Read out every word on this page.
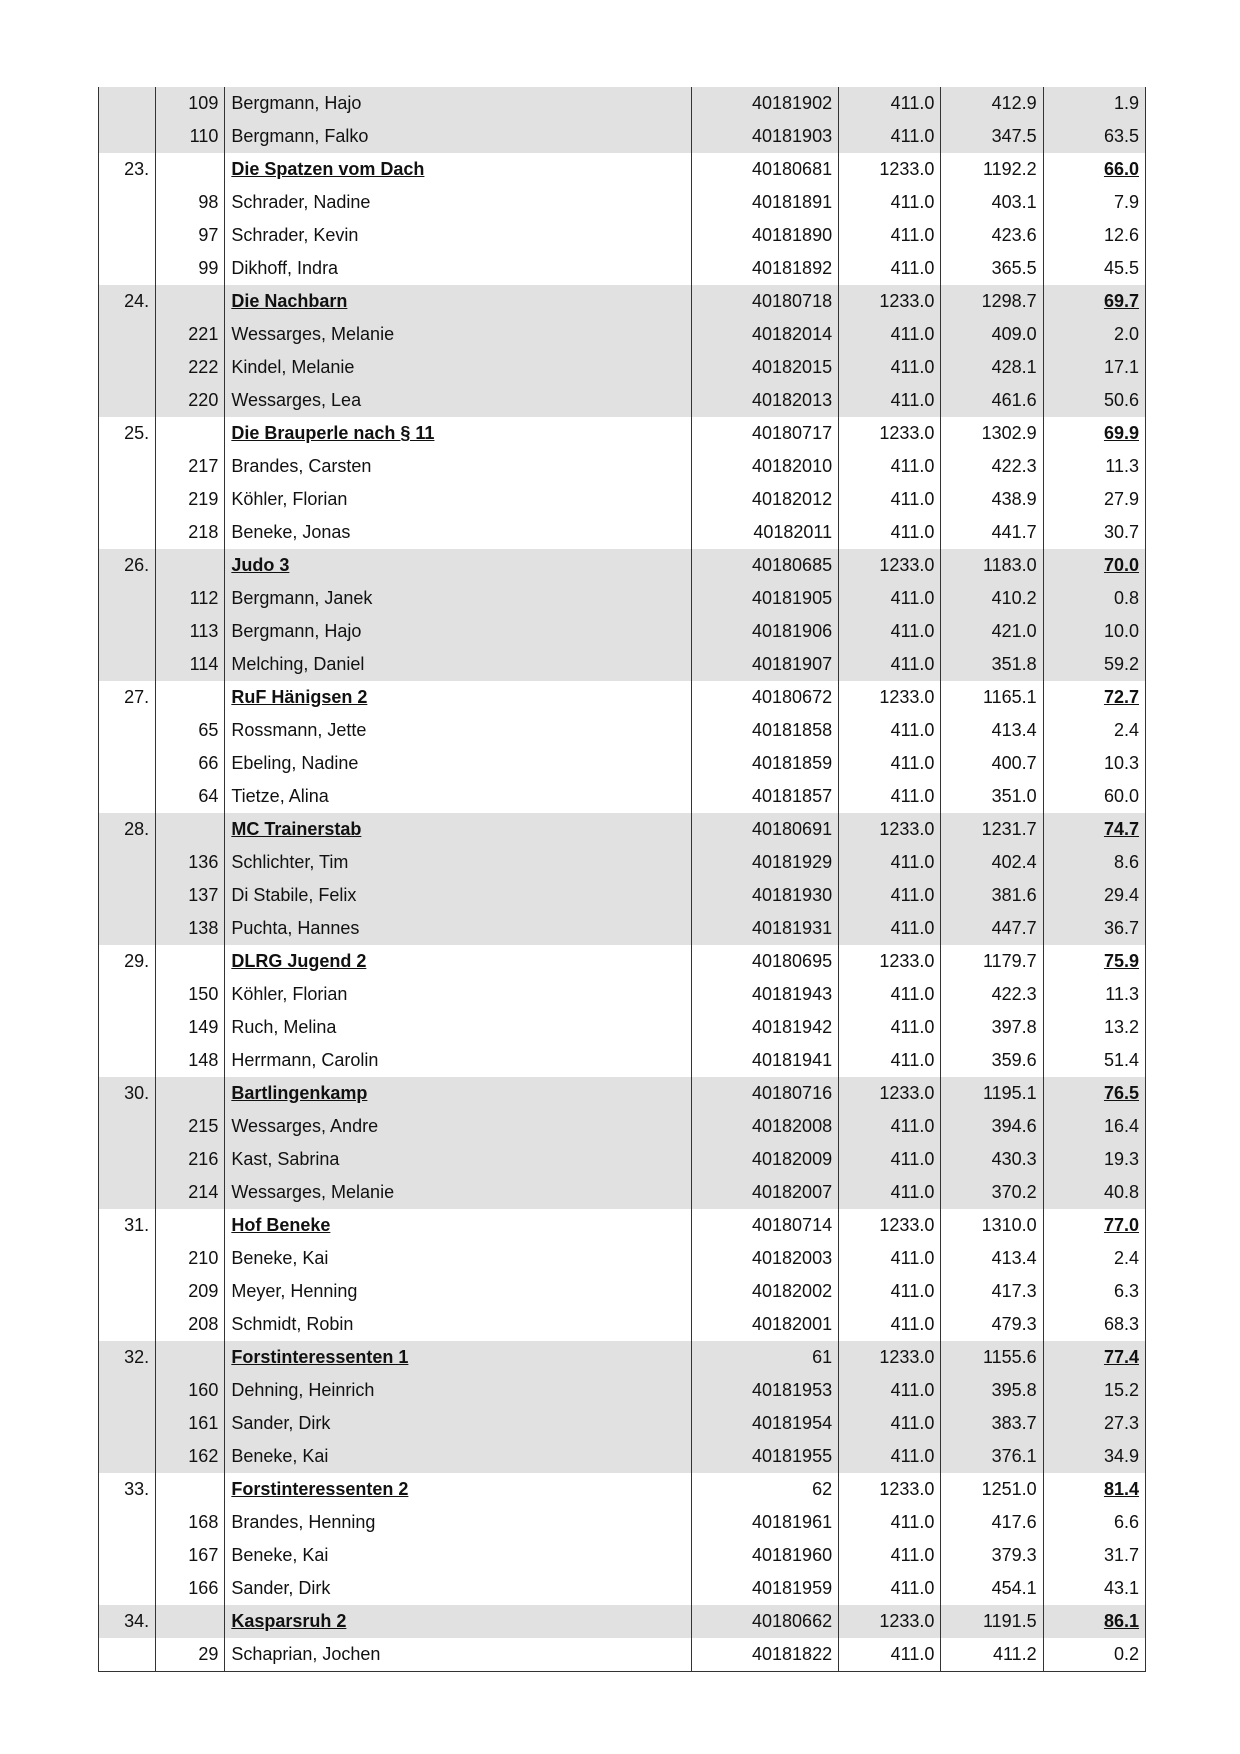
	109	Bergmann, Hajo	40181902	411.0	412.9	1.9
	110	Bergmann, Falko	40181903	411.0	347.5	63.5
23.		Die Spatzen vom Dach	40180681	1233.0	1192.2	66.0
	98	Schrader, Nadine	40181891	411.0	403.1	7.9
	97	Schrader, Kevin	40181890	411.0	423.6	12.6
	99	Dikhoff, Indra	40181892	411.0	365.5	45.5
24.		Die Nachbarn	40180718	1233.0	1298.7	69.7
	221	Wessarges, Melanie	40182014	411.0	409.0	2.0
	222	Kindel, Melanie	40182015	411.0	428.1	17.1
	220	Wessarges, Lea	40182013	411.0	461.6	50.6
25.		Die Brauperle nach § 11	40180717	1233.0	1302.9	69.9
	217	Brandes, Carsten	40182010	411.0	422.3	11.3
	219	Köhler, Florian	40182012	411.0	438.9	27.9
	218	Beneke, Jonas	40182011	411.0	441.7	30.7
26.		Judo 3	40180685	1233.0	1183.0	70.0
	112	Bergmann, Janek	40181905	411.0	410.2	0.8
	113	Bergmann, Hajo	40181906	411.0	421.0	10.0
	114	Melching, Daniel	40181907	411.0	351.8	59.2
27.		RuF Hänigsen 2	40180672	1233.0	1165.1	72.7
	65	Rossmann, Jette	40181858	411.0	413.4	2.4
	66	Ebeling, Nadine	40181859	411.0	400.7	10.3
	64	Tietze, Alina	40181857	411.0	351.0	60.0
28.		MC Trainerstab	40180691	1233.0	1231.7	74.7
	136	Schlichter, Tim	40181929	411.0	402.4	8.6
	137	Di Stabile, Felix	40181930	411.0	381.6	29.4
	138	Puchta, Hannes	40181931	411.0	447.7	36.7
29.		DLRG Jugend 2	40180695	1233.0	1179.7	75.9
	150	Köhler, Florian	40181943	411.0	422.3	11.3
	149	Ruch, Melina	40181942	411.0	397.8	13.2
	148	Herrmann, Carolin	40181941	411.0	359.6	51.4
30.		Bartlingenkamp	40180716	1233.0	1195.1	76.5
	215	Wessarges, Andre	40182008	411.0	394.6	16.4
	216	Kast, Sabrina	40182009	411.0	430.3	19.3
	214	Wessarges, Melanie	40182007	411.0	370.2	40.8
31.		Hof Beneke	40180714	1233.0	1310.0	77.0
	210	Beneke, Kai	40182003	411.0	413.4	2.4
	209	Meyer, Henning	40182002	411.0	417.3	6.3
	208	Schmidt, Robin	40182001	411.0	479.3	68.3
32.		Forstinteressenten 1	61	1233.0	1155.6	77.4
	160	Dehning, Heinrich	40181953	411.0	395.8	15.2
	161	Sander, Dirk	40181954	411.0	383.7	27.3
	162	Beneke, Kai	40181955	411.0	376.1	34.9
33.		Forstinteressenten 2	62	1233.0	1251.0	81.4
	168	Brandes, Henning	40181961	411.0	417.6	6.6
	167	Beneke, Kai	40181960	411.0	379.3	31.7
	166	Sander, Dirk	40181959	411.0	454.1	43.1
34.		Kasparsruh 2	40180662	1233.0	1191.5	86.1
	29	Schaprian, Jochen	40181822	411.0	411.2	0.2
